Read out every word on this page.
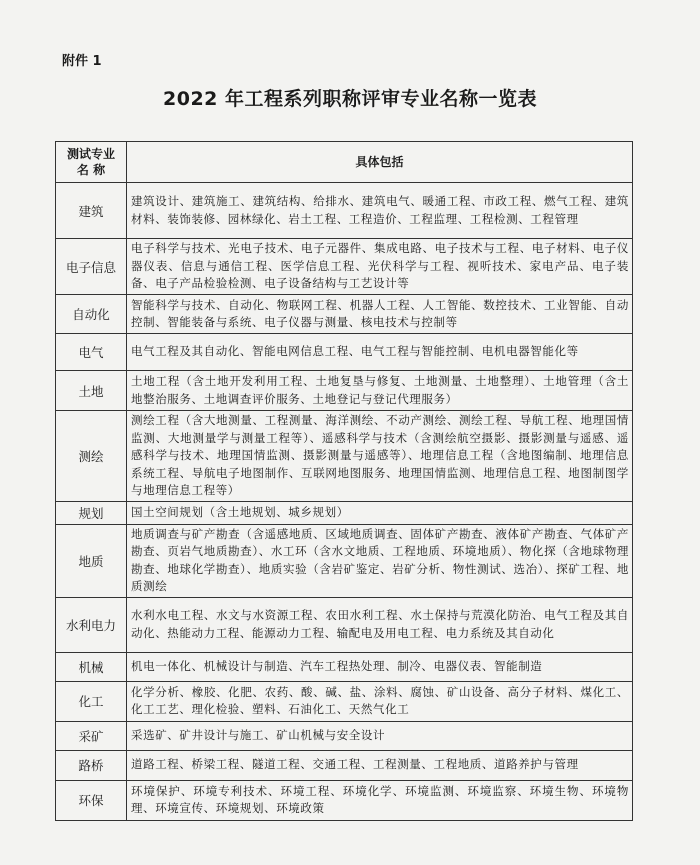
附件 1
2022 年工程系列职称评审专业名称一览表
测试专业
名 称	具体包括
建筑	建筑设计、建筑施工、建筑结构、给排水、建筑电气、暖通工程、市政工程、燃气工程、建筑材料、装饰装修、园林绿化、岩土工程、工程造价、工程监理、工程检测、工程管理
电子信息	电子科学与技术、光电子技术、电子元器件、集成电路、电子技术与工程、电子材料、电子仪器仪表、信息与通信工程、医学信息工程、光伏科学与工程、视听技术、家电产品、电子装备、电子产品检验检测、电子设备结构与工艺设计等
自动化	智能科学与技术、自动化、物联网工程、机器人工程、人工智能、数控技术、工业智能、自动控制、智能装备与系统、电子仪器与测量、核电技术与控制等
电气	电气工程及其自动化、智能电网信息工程、电气工程与智能控制、电机电器智能化等
土地	土地工程（含土地开发利用工程、土地复垦与修复、土地测量、土地整理）、土地管理（含土地整治服务、土地调查评价服务、土地登记与登记代理服务）
测绘	测绘工程（含大地测量、工程测量、海洋测绘、不动产测绘、测绘工程、导航工程、地理国情监测、大地测量学与测量工程等）、遥感科学与技术（含测绘航空摄影、摄影测量与遥感、遥感科学与技术、地理国情监测、摄影测量与遥感等）、地理信息工程（含地图编制、地理信息系统工程、导航电子地图制作、互联网地图服务、地理国情监测、地理信息工程、地图制图学与地理信息工程等）
规划	国土空间规划（含土地规划、城乡规划）
地质	地质调查与矿产勘查（含遥感地质、区域地质调查、固体矿产勘查、液体矿产勘查、气体矿产勘查、页岩气地质勘查）、水工环（含水文地质、工程地质、环境地质）、物化探（含地球物理勘查、地球化学勘查）、地质实验（含岩矿鉴定、岩矿分析、物性测试、选冶）、探矿工程、地质测绘
水利电力	水利水电工程、水文与水资源工程、农田水利工程、水土保持与荒漠化防治、电气工程及其自动化、热能动力工程、能源动力工程、输配电及用电工程、电力系统及其自动化
机械	机电一体化、机械设计与制造、汽车工程热处理、制冷、电器仪表、智能制造
化工	化学分析、橡胶、化肥、农药、酸、碱、盐、涂料、腐蚀、矿山设备、高分子材料、煤化工、化工工艺、理化检验、塑料、石油化工、天然气化工
采矿	采选矿、矿井设计与施工、矿山机械与安全设计
路桥	道路工程、桥梁工程、隧道工程、交通工程、工程测量、工程地质、道路养护与管理
环保	环境保护、环境专利技术、环境工程、环境化学、环境监测、环境监察、环境生物、环境物理、环境宣传、环境规划、环境政策
